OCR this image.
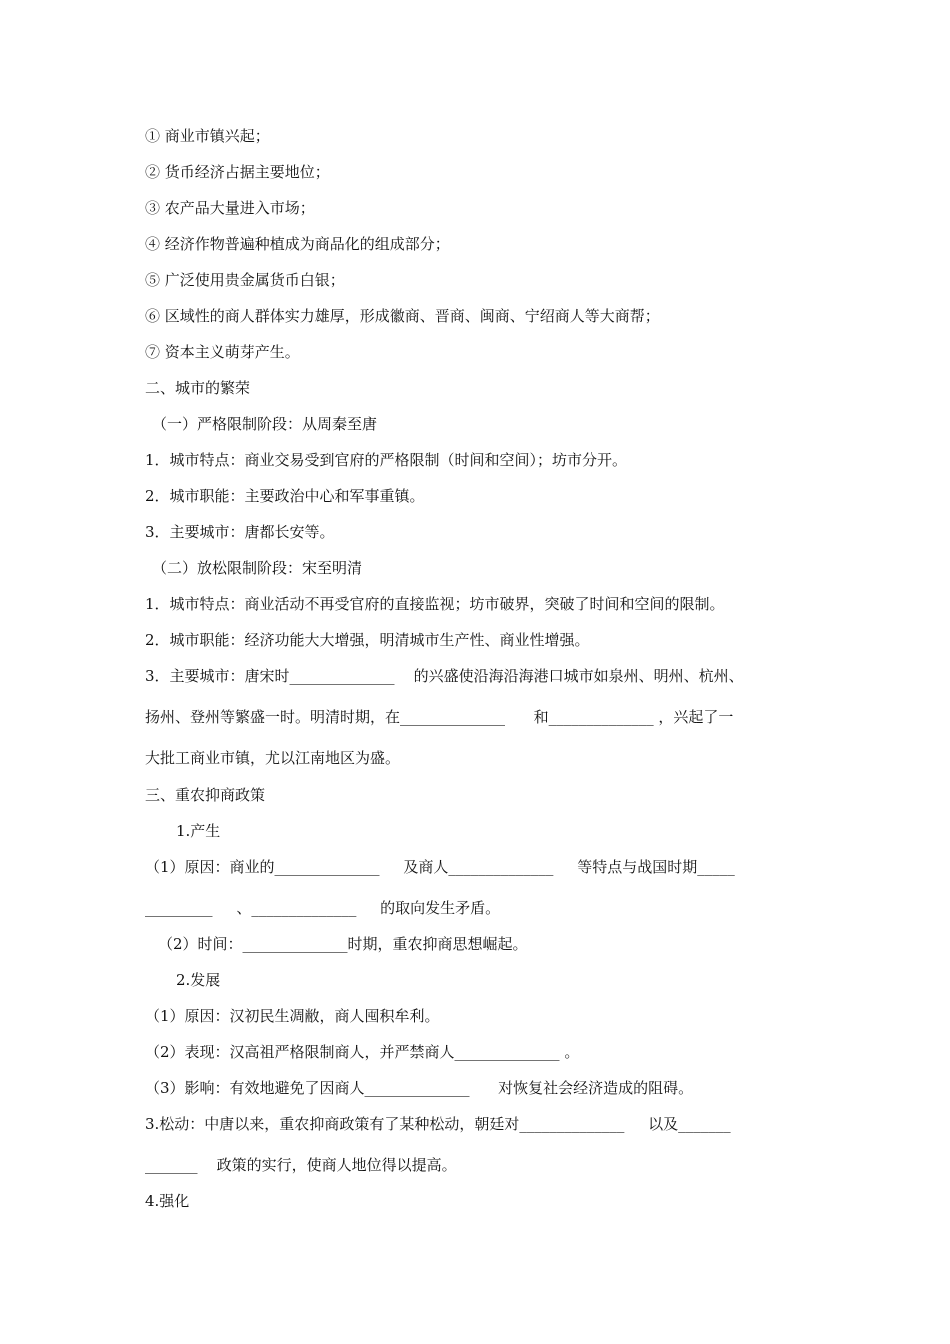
① 商业市镇兴起；
② 货币经济占据主要地位；
③ 农产品大量进入市场；
④ 经济作物普遍种植成为商品化的组成部分；
⑤ 广泛使用贵金属货币白银；
⑥ 区域性的商人群体实力雄厚，形成徽商、晋商、闽商、宁绍商人等大商帮；
⑦ 资本主义萌芽产生。
二、城市的繁荣
（一）严格限制阶段：从周秦至唐
1．城市特点：商业交易受到官府的严格限制（时间和空间）；坊市分开。
2．城市职能：主要政治中心和军事重镇。
3．主要城市：唐都长安等。
（二）放松限制阶段：宋至明清
1．城市特点：商业活动不再受官府的直接监视；坊市破界，突破了时间和空间的限制。
2．城市职能：经济功能大大增强，明清城市生产性、商业性增强。
3．主要城市：唐宋时______________    的兴盛使沿海沿海港口城市如泉州、明州、杭州、
扬州、登州等繁盛一时。明清时期，在______________      和______________ ，兴起了一
大批工商业市镇，尤以江南地区为盛。
三、重农抑商政策
1.产生
（1）原因：商业的______________     及商人______________     等特点与战国时期_____
_________     、______________     的取向发生矛盾。
（2）时间：______________时期，重农抑商思想崛起。
2.发展
（1）原因：汉初民生凋敝，商人囤积牟利。
（2）表现：汉高祖严格限制商人，并严禁商人______________ 。
（3）影响：有效地避免了因商人______________      对恢复社会经济造成的阻碍。
3.松动：中唐以来，重农抑商政策有了某种松动，朝廷对______________     以及_______
_______    政策的实行，使商人地位得以提高。
4.强化
